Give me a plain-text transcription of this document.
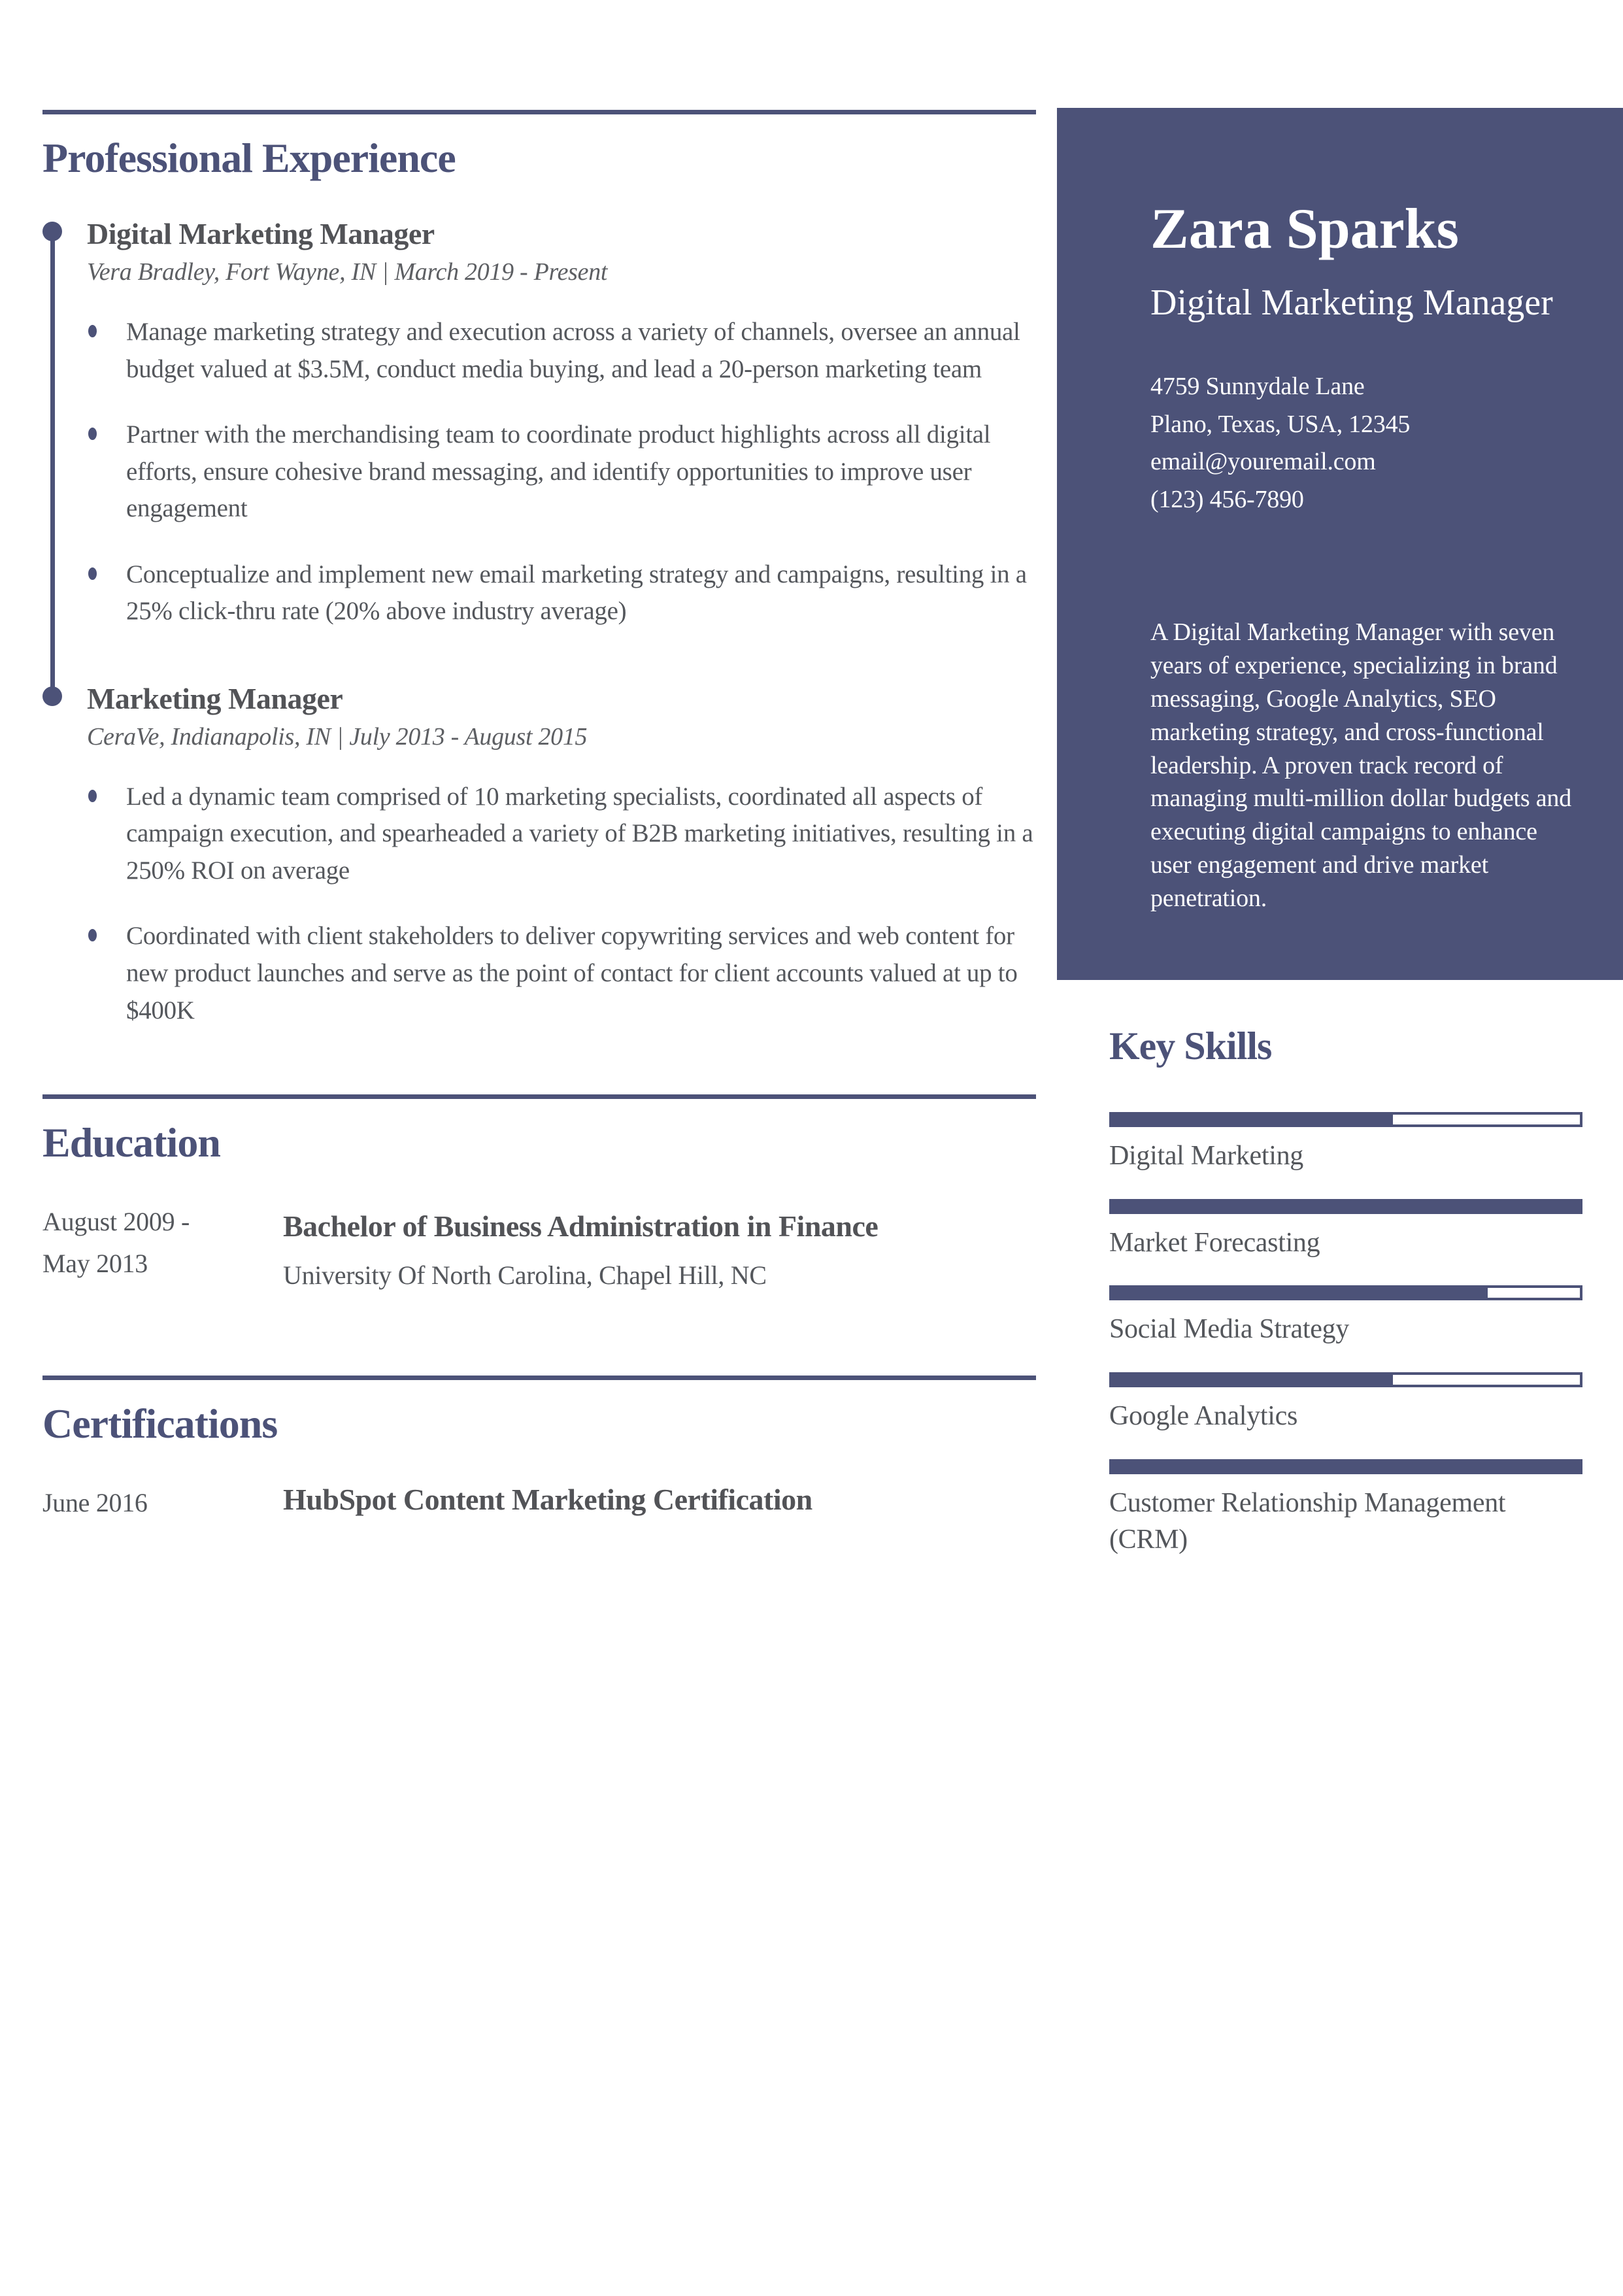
Professional Experience
Digital Marketing Manager

Vera Bradley, Fort Wayne, IN | March 2019 - Present

Manage marketing strategy and execution across a variety of channels, oversee an annual budget valued at $3.5M, conduct media buying, and lead a 20-person marketing team
Partner with the merchandising team to coordinate product highlights across all digital efforts, ensure cohesive brand messaging, and identify opportunities to improve user engagement
Conceptualize and implement new email marketing strategy and campaigns, resulting in a 25% click-thru rate (20% above industry average)
Marketing Manager

CeraVe, Indianapolis, IN | July 2013 - August 2015

Led a dynamic team comprised of 10 marketing specialists, coordinated all aspects of campaign execution, and spearheaded a variety of B2B marketing initiatives, resulting in a 250% ROI on average
Coordinated with client stakeholders to deliver copywriting services and web content for new product launches and serve as the point of contact for client accounts valued at up to $400K
Education
August 2009 -
May 2013

Bachelor of Business Administration in Finance

University Of North Carolina, Chapel Hill, NC
Certifications
June 2016	HubSpot Content Marketing Certification

Zara Sparks
Digital Marketing Manager
4759 Sunnydale Lane
Plano, Texas, USA, 12345
email@youremail.com
(123) 456-7890
A Digital Marketing Manager with seven years of experience, specializing in brand messaging, Google Analytics, SEO marketing strategy, and cross-functional leadership. A proven track record of managing multi-million dollar budgets and executing digital campaigns to enhance user engagement and drive market penetration.
Key Skills
Digital Marketing
Market Forecasting
Social Media Strategy
Google Analytics
Customer Relationship Management (CRM)
